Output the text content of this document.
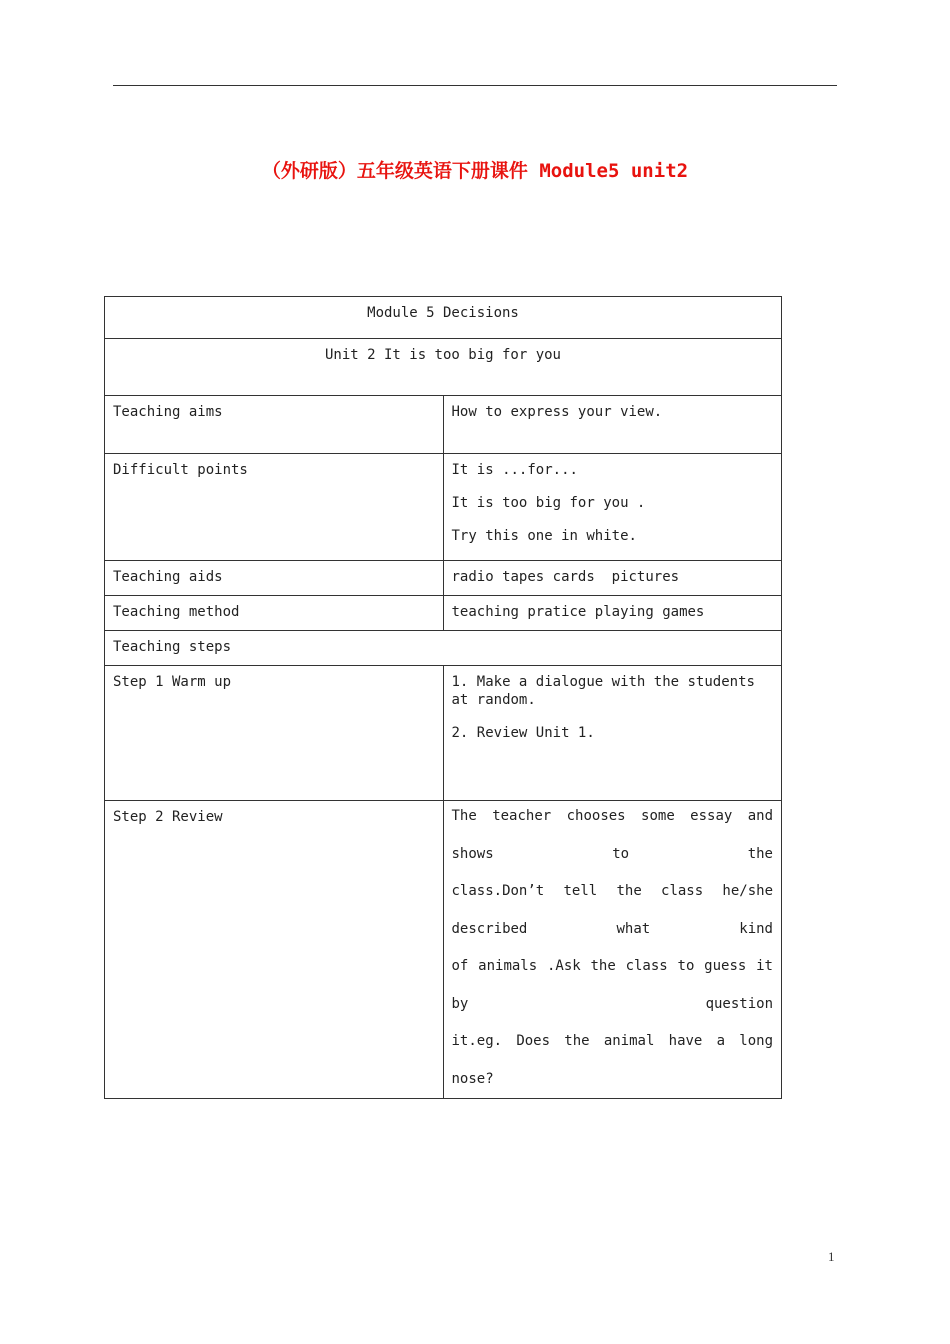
（外研版）五年级英语下册课件 Module5 unit2
Module 5 Decisions	
Unit 2 It is too big for you	
Teaching aims	How to express your view.

Difficult points	It is ...for...
It is too big for you .
Try this one in white.

Teaching aids	radio tapes cards  pictures

Teaching method	teaching pratice playing games

Teaching steps	
Step 1 Warm up	1. Make a dialogue with the students at random.
2. Review Unit 1.

Step 2 Review	The teacher chooses some essay and shows to the

class.Don’t tell the class he/she described what kind

of animals .Ask the class to guess it by question

it.eg. Does the animal have a long nose?

1
